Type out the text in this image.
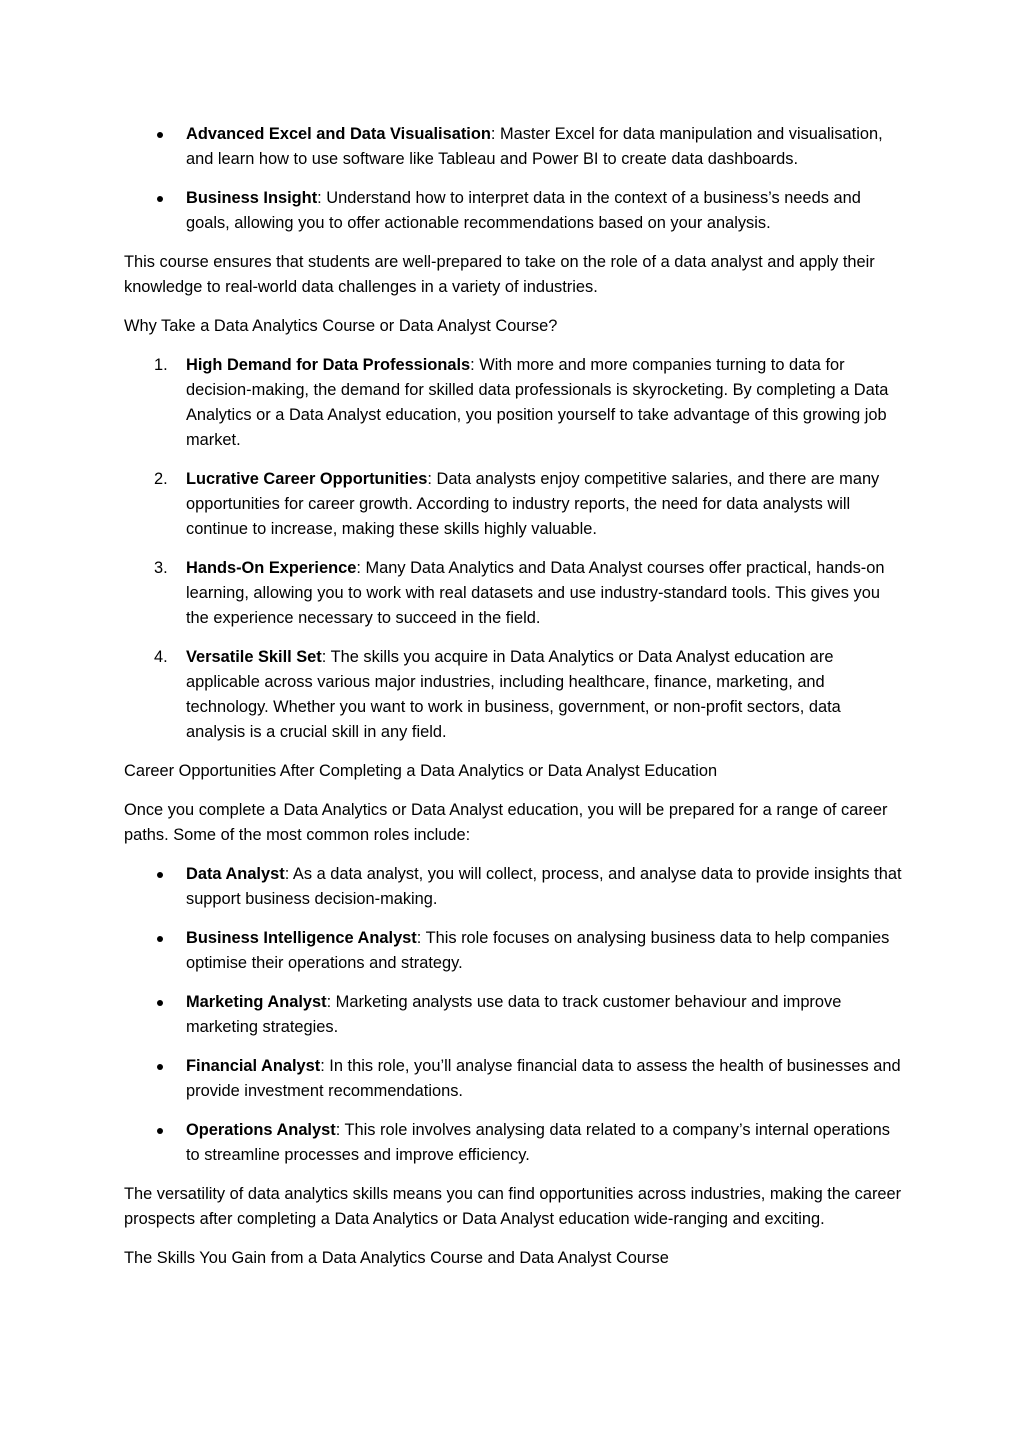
Advanced Excel and Data Visualisation: Master Excel for data manipulation and visualisation, and learn how to use software like Tableau and Power BI to create data dashboards.
Business Insight: Understand how to interpret data in the context of a business’s needs and goals, allowing you to offer actionable recommendations based on your analysis.

This course ensures that students are well-prepared to take on the role of a data analyst and apply their knowledge to real-world data challenges in a variety of industries.

Why Take a Data Analytics Course or Data Analyst Course?

1. High Demand for Data Professionals: With more and more companies turning to data for decision-making, the demand for skilled data professionals is skyrocketing. By completing a Data Analytics or a Data Analyst education, you position yourself to take advantage of this growing job market.
2. Lucrative Career Opportunities: Data analysts enjoy competitive salaries, and there are many opportunities for career growth. According to industry reports, the need for data analysts will continue to increase, making these skills highly valuable.
3. Hands-On Experience: Many Data Analytics and Data Analyst courses offer practical, hands-on learning, allowing you to work with real datasets and use industry-standard tools. This gives you the experience necessary to succeed in the field.
4. Versatile Skill Set: The skills you acquire in Data Analytics or Data Analyst education are applicable across various major industries, including healthcare, finance, marketing, and technology. Whether you want to work in business, government, or non-profit sectors, data analysis is a crucial skill in any field.

Career Opportunities After Completing a Data Analytics or Data Analyst Education

Once you complete a Data Analytics or Data Analyst education, you will be prepared for a range of career paths. Some of the most common roles include:

Data Analyst: As a data analyst, you will collect, process, and analyse data to provide insights that support business decision-making.
Business Intelligence Analyst: This role focuses on analysing business data to help companies optimise their operations and strategy.
Marketing Analyst: Marketing analysts use data to track customer behaviour and improve marketing strategies.
Financial Analyst: In this role, you’ll analyse financial data to assess the health of businesses and provide investment recommendations.
Operations Analyst: This role involves analysing data related to a company’s internal operations to streamline processes and improve efficiency.

The versatility of data analytics skills means you can find opportunities across industries, making the career prospects after completing a Data Analytics or Data Analyst education wide-ranging and exciting.

The Skills You Gain from a Data Analytics Course and Data Analyst Course
